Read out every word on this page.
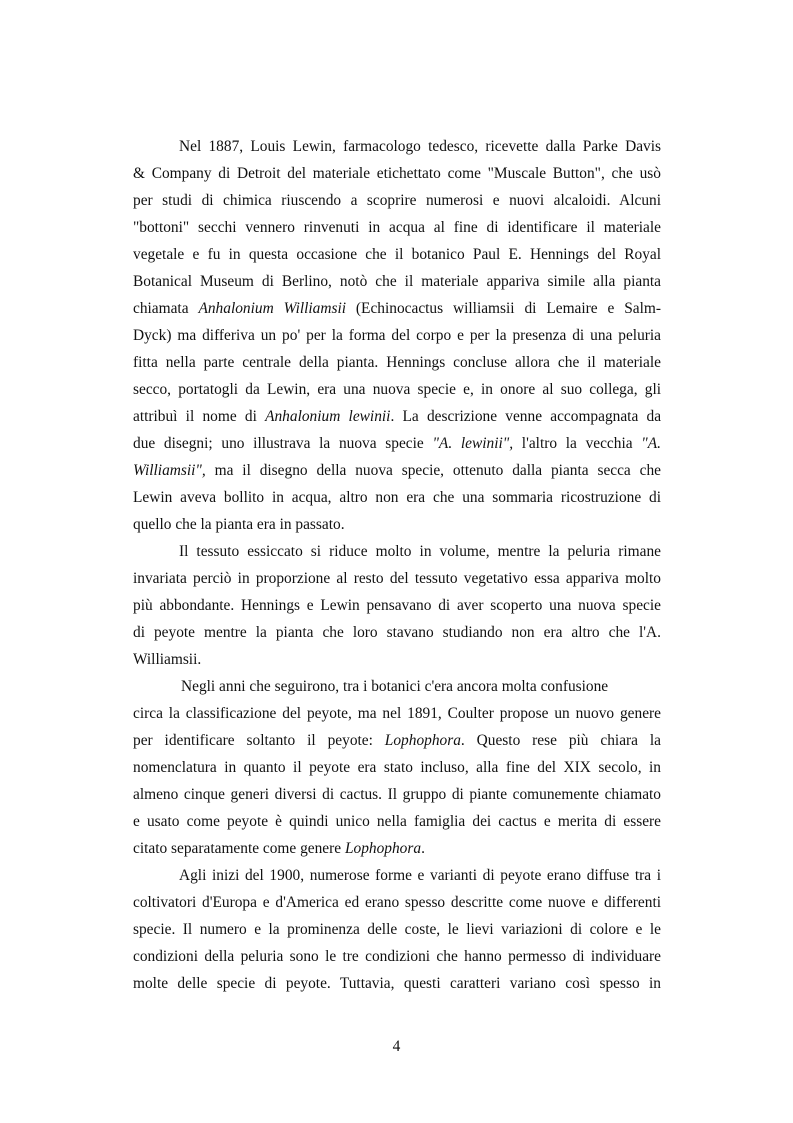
Nel 1887, Louis Lewin, farmacologo tedesco, ricevette dalla Parke Davis
& Company di Detroit del materiale etichettato come "Muscale Button", che usò
per studi di chimica riuscendo a scoprire numerosi e nuovi alcaloidi. Alcuni
"bottoni" secchi vennero rinvenuti in acqua al fine di identificare il materiale
vegetale e fu in questa occasione che il botanico Paul E. Hennings del Royal
Botanical Museum di Berlino, notò che il materiale appariva simile alla pianta
chiamata Anhalonium Williamsii (Echinocactus williamsii di Lemaire e Salm-
Dyck) ma differiva un po' per la forma del corpo e per la presenza di una peluria
fitta nella parte centrale della pianta. Hennings concluse allora che il materiale
secco, portatogli da Lewin, era una nuova specie e, in onore al suo collega, gli
attribuì il nome di Anhalonium lewinii. La descrizione venne accompagnata da
due disegni; uno illustrava la nuova specie "A. lewinii", l'altro la vecchia "A.
Williamsii", ma il disegno della nuova specie, ottenuto dalla pianta secca che
Lewin aveva bollito in acqua, altro non era che una sommaria ricostruzione di
quello che la pianta era in passato.
Il tessuto essiccato si riduce molto in volume, mentre la peluria rimane
invariata perciò in proporzione al resto del tessuto vegetativo essa appariva molto
più abbondante. Hennings e Lewin pensavano di aver scoperto una nuova specie
di peyote mentre la pianta che loro stavano studiando non era altro che l'A.
Williamsii.
Negli anni che seguirono, tra i botanici c'era ancora molta confusione
circa la classificazione del peyote, ma nel 1891, Coulter propose un nuovo genere
per identificare soltanto il peyote: Lophophora. Questo rese più chiara la
nomenclatura in quanto il peyote era stato incluso, alla fine del XIX secolo, in
almeno cinque generi diversi di cactus. Il gruppo di piante comunemente chiamato
e usato come peyote è quindi unico nella famiglia dei cactus e merita di essere
citato separatamente come genere Lophophora.
Agli inizi del 1900, numerose forme e varianti di peyote erano diffuse tra i
coltivatori d'Europa e d'America ed erano spesso descritte come nuove e differenti
specie. Il numero e la prominenza delle coste, le lievi variazioni di colore e le
condizioni della peluria sono le tre condizioni che hanno permesso di individuare
molte delle specie di peyote. Tuttavia, questi caratteri variano così spesso in
4
